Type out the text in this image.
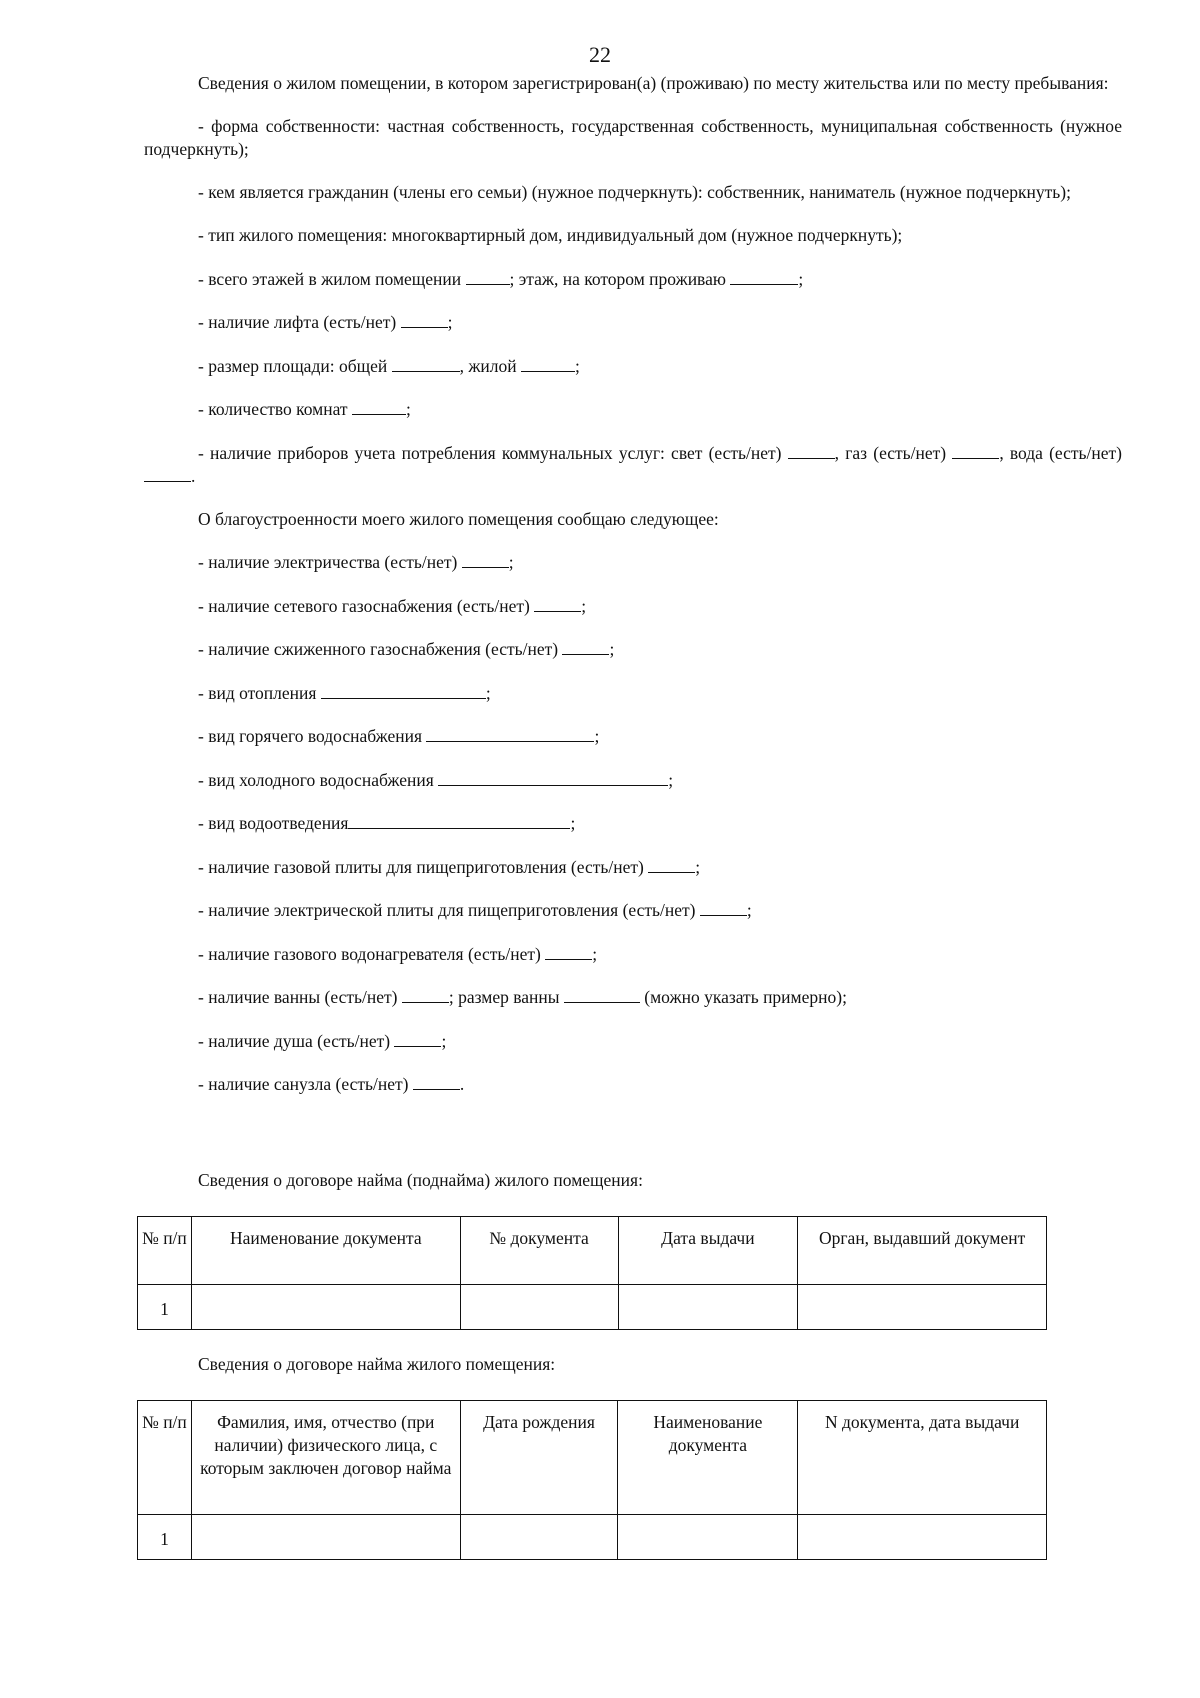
22

Сведения о жилом помещении, в котором зарегистрирован(а) (проживаю) по месту жительства или по месту пребывания:

- форма собственности: частная собственность, государственная собственность, муниципальная собственность (нужное подчеркнуть);

- кем является гражданин (члены его семьи) (нужное подчеркнуть): собственник, наниматель (нужное подчеркнуть);

- тип жилого помещения: многоквартирный дом, индивидуальный дом (нужное подчеркнуть);

- всего этажей в жилом помещении	; этаж, на котором проживаю	;

- наличие лифта (есть/нет)	;

- размер площади: общей	, жилой	;

- количество комнат	;

- наличие приборов учета потребления коммунальных услуг: свет (есть/нет)	, газ (есть/нет)	, вода (есть/нет) .

О благоустроенности моего жилого помещения сообщаю следующее:

- наличие электричества (есть/нет)	;

- наличие сетевого газоснабжения (есть/нет)	;

- наличие сжиженного газоснабжения (есть/нет)	;

- вид отопления	;

- вид горячего водоснабжения	;

- вид холодного водоснабжения	;

- вид водоотведения	;

- наличие газовой плиты для пищеприготовления (есть/нет)	;

- наличие электрической плиты для пищеприготовления (есть/нет)	;

- наличие газового водонагревателя (есть/нет)	;

- наличие ванны (есть/нет)	; размер ванны	(можно указать примерно);

- наличие душа (есть/нет)	;

- наличие санузла (есть/нет)	.

Сведения о договоре найма (поднайма) жилого помещения:
№ п/п	Наименование документа	№ документа	Дата выдачи	Орган, выдавший документ
1				
Сведения о договоре найма жилого помещения:
№ п/п	Фамилия, имя, отчество (при наличии) физического лица, с которым заключен договор найма	Дата рождения	Наименование документа	N документа, дата выдачи
1				
